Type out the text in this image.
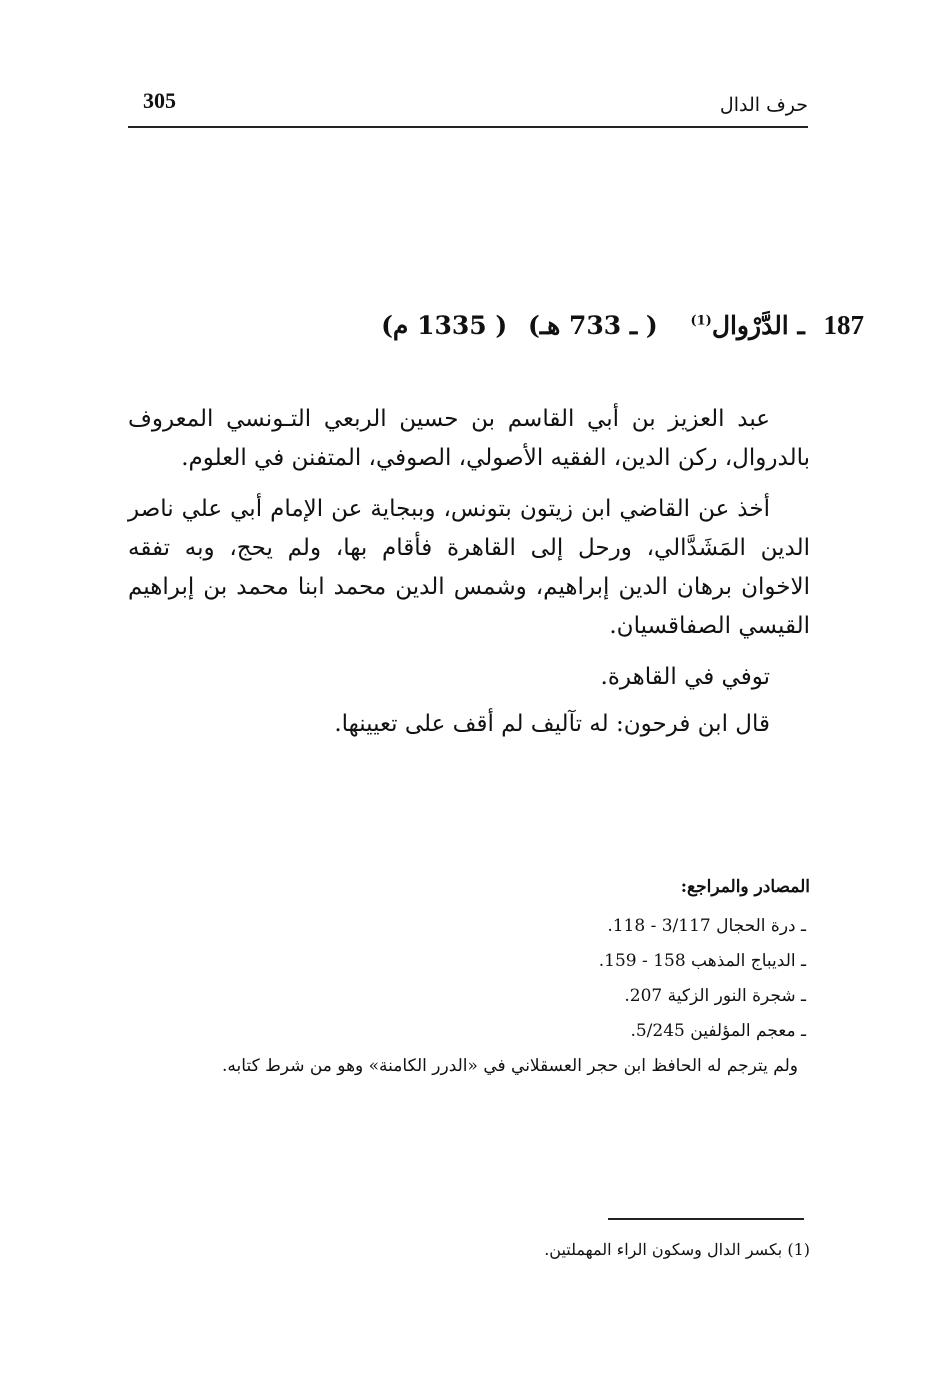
305	حرف الدال
187 ـ الدَّرْوال$^{(1)}$ ( ـ 733 هـ) ( 1335 م)

عبد العزيز بن أبي القاسم بن حسين الربعي التـونسي المعروف بالدروال، ركن الدين، الفقيه الأصولي، الصوفي، المتفنن في العلوم.

أخذ عن القاضي ابن زيتون بتونس، وببجاية عن الإمام أبي علي ناصر الدين المَشَدَّالي، ورحل إلى القاهرة فأقام بها، ولم يحج، وبه تفقه الاخوان برهان الدين إبراهيم، وشمس الدين محمد ابنا محمد بن إبراهيم القيسي الصفاقسيان.

توفي في القاهرة.

قال ابن فرحون: له تآليف لم أقف على تعيينها.

المصادر والمراجع:
ـ درة الحجال 3/117 - 118.
ـ الديباج المذهب 158 - 159.
ـ شجرة النور الزكية 207.
ـ معجم المؤلفين 5/245.
ولم يترجم له الحافظ ابن حجر العسقلاني في «الدرر الكامنة» وهو من شرط كتابه.
(1) بكسر الدال وسكون الراء المهملتين.
